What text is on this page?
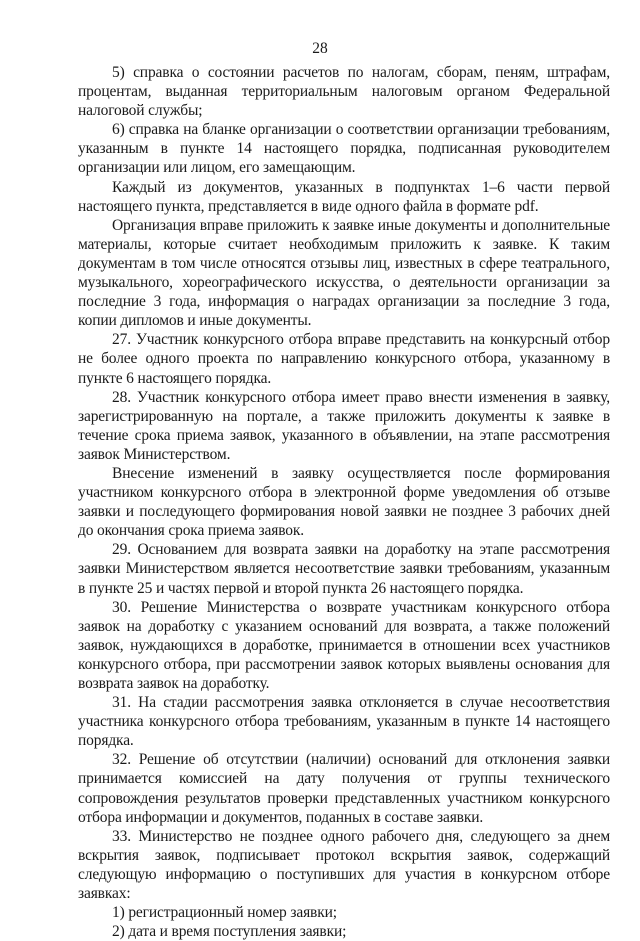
28

5) справка о состоянии расчетов по налогам, сборам, пеням, штрафам, процентам, выданная территориальным налоговым органом Федеральной налоговой службы;

6) справка на бланке организации о соответствии организации требованиям, указанным в пункте 14 настоящего порядка, подписанная руководителем организации или лицом, его замещающим.

Каждый из документов, указанных в подпунктах 1–6 части первой настоящего пункта, представляется в виде одного файла в формате pdf.

Организация вправе приложить к заявке иные документы и дополнительные материалы, которые считает необходимым приложить к заявке. К таким документам в том числе относятся отзывы лиц, известных в сфере театрального, музыкального, хореографического искусства, о деятельности организации за последние 3 года, информация о наградах организации за последние 3 года, копии дипломов и иные документы.

27. Участник конкурсного отбора вправе представить на конкурсный отбор не более одного проекта по направлению конкурсного отбора, указанному в пункте 6 настоящего порядка.

28. Участник конкурсного отбора имеет право внести изменения в заявку, зарегистрированную на портале, а также приложить документы к заявке в течение срока приема заявок, указанного в объявлении, на этапе рассмотрения заявок Министерством.

Внесение изменений в заявку осуществляется после формирования участником конкурсного отбора в электронной форме уведомления об отзыве заявки и последующего формирования новой заявки не позднее 3 рабочих дней до окончания срока приема заявок.

29. Основанием для возврата заявки на доработку на этапе рассмотрения заявки Министерством является несоответствие заявки требованиям, указанным в пункте 25 и частях первой и второй пункта 26 настоящего порядка.

30. Решение Министерства о возврате участникам конкурсного отбора заявок на доработку с указанием оснований для возврата, а также положений заявок, нуждающихся в доработке, принимается в отношении всех участников конкурсного отбора, при рассмотрении заявок которых выявлены основания для возврата заявок на доработку.

31. На стадии рассмотрения заявка отклоняется в случае несоответствия участника конкурсного отбора требованиям, указанным в пункте 14 настоящего порядка.

32. Решение об отсутствии (наличии) оснований для отклонения заявки принимается комиссией на дату получения от группы технического сопровождения результатов проверки представленных участником конкурсного отбора информации и документов, поданных в составе заявки.

33. Министерство не позднее одного рабочего дня, следующего за днем вскрытия заявок, подписывает протокол вскрытия заявок, содержащий следующую информацию о поступивших для участия в конкурсном отборе заявках:

1) регистрационный номер заявки;

2) дата и время поступления заявки;
